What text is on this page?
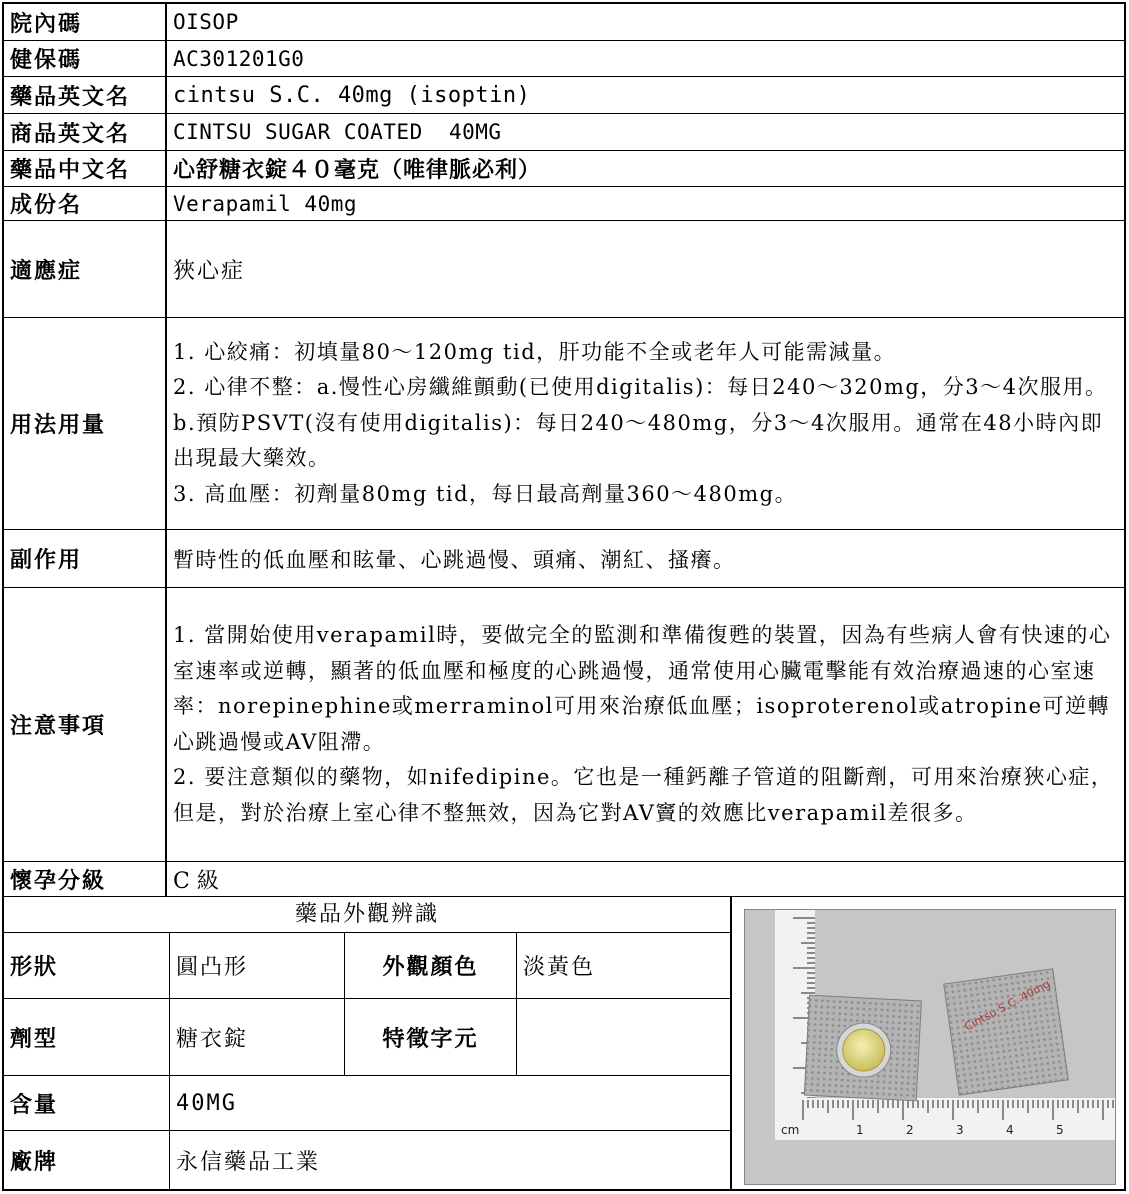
院內碼	OISOP
健保碼	AC301201G0
藥品英文名	cintsu S.C. 40mg (isoptin)
商品英文名	CINTSU SUGAR COATED  40MG
藥品中文名	心舒糖衣錠４０毫克（唯律脈必利）
成份名	Verapamil 40mg
適應症	狹心症
用法用量

1. 心絞痛：初填量80～120mg tid，肝功能不全或老年人可能需減量。

2. 心律不整：a.慢性心房纖維顫動(已使用digitalis)：每日240～320mg，分3～4次服用。b.預防PSVT(沒有使用digitalis)：每日240～480mg，分3～4次服用。通常在48小時內即出現最大藥效。

3. 高血壓：初劑量80mg tid，每日最高劑量360～480mg。

副作用	暫時性的低血壓和眩暈、心跳過慢、頭痛、潮紅、搔癢。
注意事項

1. 當開始使用verapamil時，要做完全的監測和準備復甦的裝置，因為有些病人會有快速的心室速率或逆轉，顯著的低血壓和極度的心跳過慢，通常使用心臟電擊能有效治療過速的心室速率：norepinephine或merraminol可用來治療低血壓；isoproterenol或atropine可逆轉心跳過慢或AV阻滯。

2. 要注意類似的藥物，如nifedipine。它也是一種鈣離子管道的阻斷劑，可用來治療狹心症，但是，對於治療上室心律不整無效，因為它對AV竇的效應比verapamil差很多。

懷孕分級	C 級
藥品外觀辨識
形狀	圓凸形	外觀顏色	淡黃色
劑型	糖衣錠	特徵字元
含量	40MG
廠牌	永信藥品工業
cm	1	2	3	4	5
Cintsu S.C. 40mg
